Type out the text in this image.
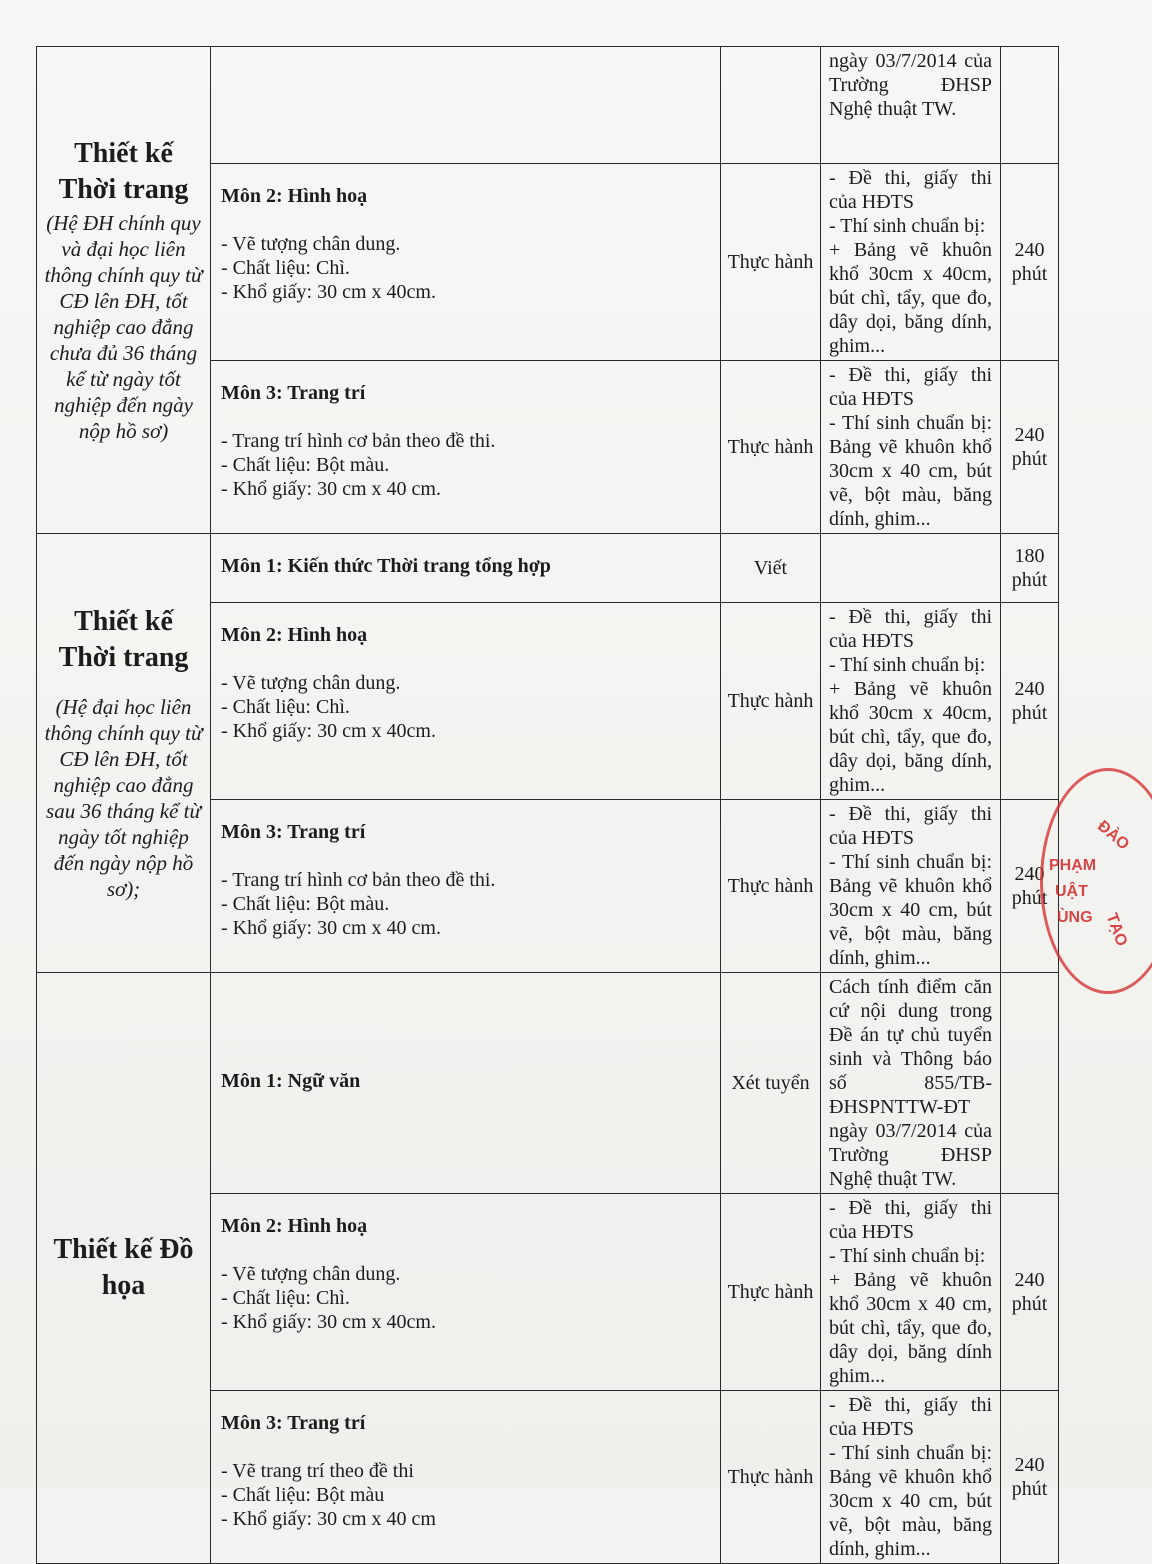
Thiết kế Thời trang
(Hệ ĐH chính quy và đại học liên thông chính quy từ CĐ lên ĐH, tốt nghiệp cao đẳng chưa đủ 36 tháng kể từ ngày tốt nghiệp đến ngày nộp hồ sơ)			ngày 03/7/2014 của Trường ĐHSP Nghệ thuật TW.	

	Môn 2: Hình hoạ
- Vẽ tượng chân dung.
- Chất liệu: Chì.
- Khổ giấy: 30 cm x 40cm.	Thực hành	- Đề thi, giấy thi của HĐTS
- Thí sinh chuẩn bị:
+ Bảng vẽ khuôn khổ 30cm x 40cm, bút chì, tẩy, que đo, dây dọi, băng dính, ghim...	240 phút

	Môn 3: Trang trí
- Trang trí hình cơ bản theo đề thi.
- Chất liệu: Bột màu.
- Khổ giấy: 30 cm x 40 cm.	Thực hành	- Đề thi, giấy thi của HĐTS
- Thí sinh chuẩn bị: Bảng vẽ khuôn khổ 30cm x 40 cm, bút vẽ, bột màu, băng dính, ghim...	240 phút

Thiết kế Thời trang
(Hệ đại học liên thông chính quy từ CĐ lên ĐH, tốt nghiệp cao đẳng sau 36 tháng kể từ ngày tốt nghiệp đến ngày nộp hồ sơ);	Môn 1: Kiến thức Thời trang tổng hợp	Viết		180 phút

	Môn 2: Hình hoạ
- Vẽ tượng chân dung.
- Chất liệu: Chì.
- Khổ giấy: 30 cm x 40cm.	Thực hành	- Đề thi, giấy thi của HĐTS
- Thí sinh chuẩn bị:
+ Bảng vẽ khuôn khổ 30cm x 40cm, bút chì, tẩy, que đo, dây dọi, băng dính, ghim...	240 phút

	Môn 3: Trang trí
- Trang trí hình cơ bản theo đề thi.
- Chất liệu: Bột màu.
- Khổ giấy: 30 cm x 40 cm.	Thực hành	- Đề thi, giấy thi của HĐTS
- Thí sinh chuẩn bị: Bảng vẽ khuôn khổ 30cm x 40 cm, bút vẽ, bột màu, băng dính, ghim...	240 phút

Thiết kế Đồ họa	Môn 1: Ngữ văn	Xét tuyển	Cách tính điểm căn cứ nội dung trong Đề án tự chủ tuyển sinh và Thông báo số 855/TB-ĐHSPNTTW-ĐT ngày 03/7/2014 của Trường ĐHSP Nghệ thuật TW.	

	Môn 2: Hình hoạ
- Vẽ tượng chân dung.
- Chất liệu: Chì.
- Khổ giấy: 30 cm x 40cm.	Thực hành	- Đề thi, giấy thi của HĐTS
- Thí sinh chuẩn bị:
+ Bảng vẽ khuôn khổ 30cm x 40 cm, bút chì, tẩy, que đo, dây dọi, băng dính ghim...	240 phút

	Môn 3: Trang trí
- Vẽ trang trí theo đề thi
- Chất liệu: Bột màu
- Khổ giấy: 30 cm x 40 cm	Thực hành	- Đề thi, giấy thi của HĐTS
- Thí sinh chuẩn bị: Bảng vẽ khuôn khổ 30cm x 40 cm, bút vẽ, bột màu, băng dính, ghim...	240 phút
ĐÀO
PHẠM
UẬT
ÙNG TẠO
